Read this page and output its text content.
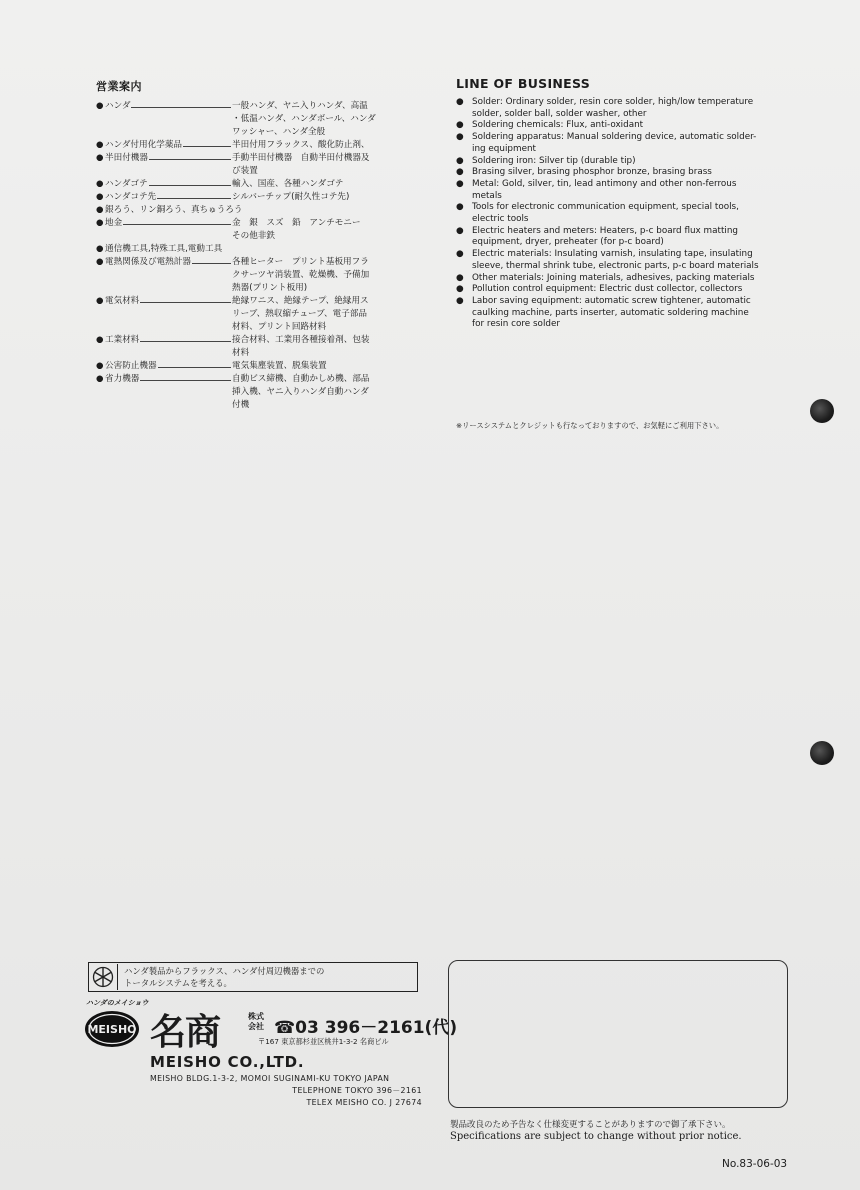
営業案内
● ハンダ	一般ハンダ、ヤニ入りハンダ、高温
・低温ハンダ、ハンダボール、ハンダ
ワッシャー、ハンダ全般
● ハンダ付用化学薬品	半田付用フラックス、酸化防止剤、
● 半田付機器	手動半田付機器　自動半田付機器及
び装置
● ハンダゴテ	輸入、国産、各種ハンダゴテ
● ハンダコテ先	シルバーチップ(耐久性コテ先)
● 銀ろう、リン銅ろう、真ちゅうろう
● 地金	金　銀　スズ　鉛　アンチモニー
その他非鉄
● 通信機工具,特殊工具,電動工具
● 電熱関係及び電熱計器	各種ヒーター　プリント基板用フラ
クサーツヤ消装置、乾燥機、予備加
熱器(プリント板用)
● 電気材料	絶縁ワニス、絶縁テープ、絶縁用ス
リーブ、熱収縮チューブ、電子部品
材料、プリント回路材料
● 工業材料	接合材料、工業用各種接着剤、包装
材料
● 公害防止機器	電気集塵装置、脱集装置
● 省力機器	自動ビス締機、自動かしめ機、部品
挿入機、ヤニ入りハンダ自動ハンダ
付機
LINE OF BUSINESS
● Solder: Ordinary solder, resin core solder, high/low temperature
solder, solder ball, solder washer, other
● Soldering chemicals: Flux, anti-oxidant
● Soldering apparatus: Manual soldering device, automatic solder-
ing equipment
● Soldering iron: Silver tip (durable tip)
● Brasing silver, brasing phosphor bronze, brasing brass
● Metal: Gold, silver, tin, lead antimony and other non-ferrous
metals
● Tools for electronic communication equipment, special tools,
electric tools
● Electric heaters and meters: Heaters, p-c board flux matting
equipment, dryer, preheater (for p-c board)
● Electric materials: Insulating varnish, insulating tape, insulating
sleeve, thermal shrink tube, electronic parts, p-c board materials
● Other materials: Joining materials, adhesives, packing materials
● Pollution control equipment: Electric dust collector, collectors
● Labor saving equipment: automatic screw tightener, automatic
caulking machine, parts inserter, automatic soldering machine
for resin core solder
※リースシステムとクレジットも行なっておりますので、お気軽にご利用下さい。
ハンダ製品からフラックス、ハンダ付周辺機器までの
トータルシステムを考える。
ハンダのメイショウ
MEISHO 名商	株式
会社 ☎03 396－2161(代)
〒167 東京都杉並区桃井1-3-2 名商ビル
MEISHO CO.,LTD.
MEISHO BLDG.1-3-2, MOMOI SUGINAMI-KU TOKYO JAPAN
TELEPHONE TOKYO 396－2161
TELEX MEISHO CO. J 27674
製品改良のため予告なく仕様変更することがありますので御了承下さい。
Specifications are subject to change without prior notice.
No.83-06-03
